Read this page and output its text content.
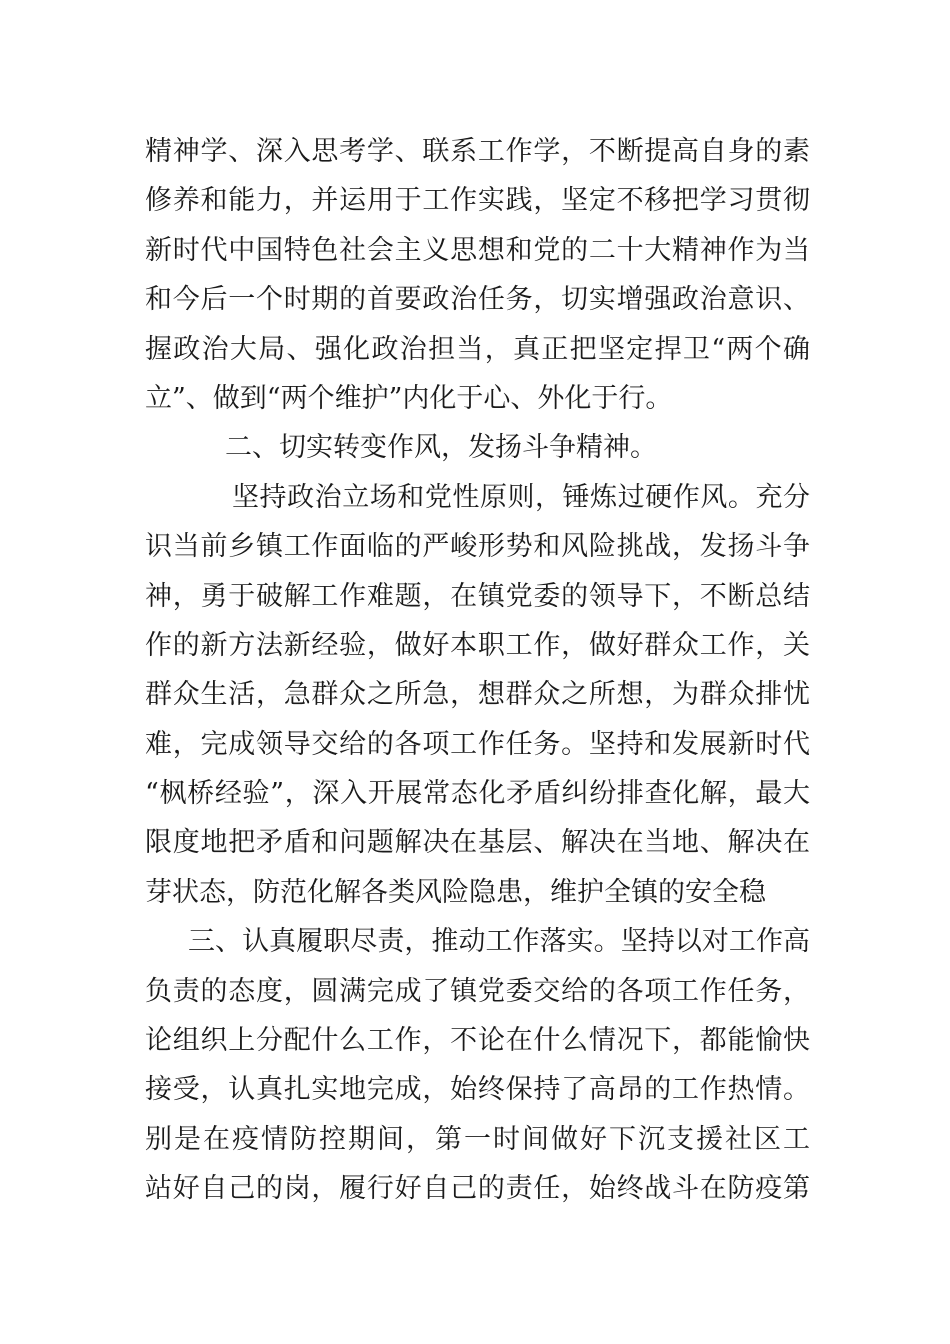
精神学、深入思考学、联系工作学，不断提高自身的素
修养和能力，并运用于工作实践，坚定不移把学习贯彻
新时代中国特色社会主义思想和党的二十大精神作为当
和今后一个时期的首要政治任务，切实增强政治意识、
握政治大局、强化政治担当，真正把坚定捍卫“两个确
立”、做到“两个维护”内化于心、外化于行。
二、切实转变作风，发扬斗争精神。
坚持政治立场和党性原则，锤炼过硬作风。充分
识当前乡镇工作面临的严峻形势和风险挑战，发扬斗争
神，勇于破解工作难题，在镇党委的领导下，不断总结
作的新方法新经验，做好本职工作，做好群众工作，关
群众生活，急群众之所急，想群众之所想，为群众排忧
难，完成领导交给的各项工作任务。坚持和发展新时代
“枫桥经验”，深入开展常态化矛盾纠纷排查化解，最大
限度地把矛盾和问题解决在基层、解决在当地、解决在
芽状态，防范化解各类风险隐患，维护全镇的安全稳
三、认真履职尽责，推动工作落实。坚持以对工作高
负责的态度，圆满完成了镇党委交给的各项工作任务，
论组织上分配什么工作，不论在什么情况下，都能愉快
接受，认真扎实地完成，始终保持了高昂的工作热情。
别是在疫情防控期间，第一时间做好下沉支援社区工
站好自己的岗，履行好自己的责任，始终战斗在防疫第
